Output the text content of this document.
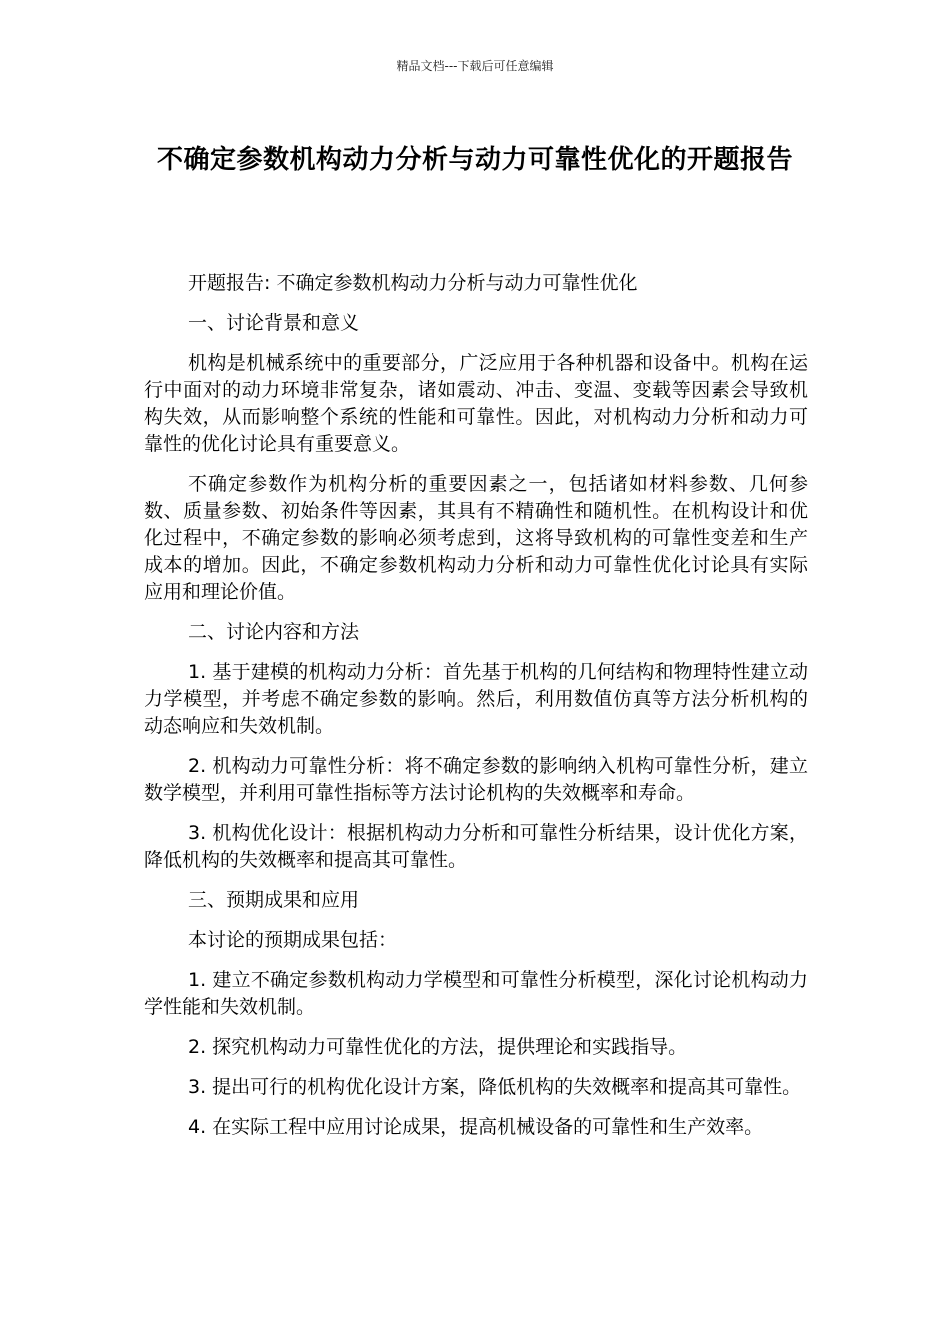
精品文档---下载后可任意编辑
不确定参数机构动力分析与动力可靠性优化的开题报告

开题报告: 不确定参数机构动力分析与动力可靠性优化

一、讨论背景和意义

机构是机械系统中的重要部分，广泛应用于各种机器和设备中。机构在运行中面对的动力环境非常复杂，诸如震动、冲击、变温、变载等因素会导致机构失效，从而影响整个系统的性能和可靠性。因此，对机构动力分析和动力可靠性的优化讨论具有重要意义。

不确定参数作为机构分析的重要因素之一，包括诸如材料参数、几何参数、质量参数、初始条件等因素，其具有不精确性和随机性。在机构设计和优化过程中，不确定参数的影响必须考虑到，这将导致机构的可靠性变差和生产成本的增加。因此，不确定参数机构动力分析和动力可靠性优化讨论具有实际应用和理论价值。

二、讨论内容和方法

1. 基于建模的机构动力分析：首先基于机构的几何结构和物理特性建立动力学模型，并考虑不确定参数的影响。然后，利用数值仿真等方法分析机构的动态响应和失效机制。

2. 机构动力可靠性分析：将不确定参数的影响纳入机构可靠性分析，建立数学模型，并利用可靠性指标等方法讨论机构的失效概率和寿命。

3. 机构优化设计：根据机构动力分析和可靠性分析结果，设计优化方案，降低机构的失效概率和提高其可靠性。

三、预期成果和应用

本讨论的预期成果包括：

1. 建立不确定参数机构动力学模型和可靠性分析模型，深化讨论机构动力学性能和失效机制。

2. 探究机构动力可靠性优化的方法，提供理论和实践指导。

3. 提出可行的机构优化设计方案，降低机构的失效概率和提高其可靠性。

4. 在实际工程中应用讨论成果，提高机械设备的可靠性和生产效率。
